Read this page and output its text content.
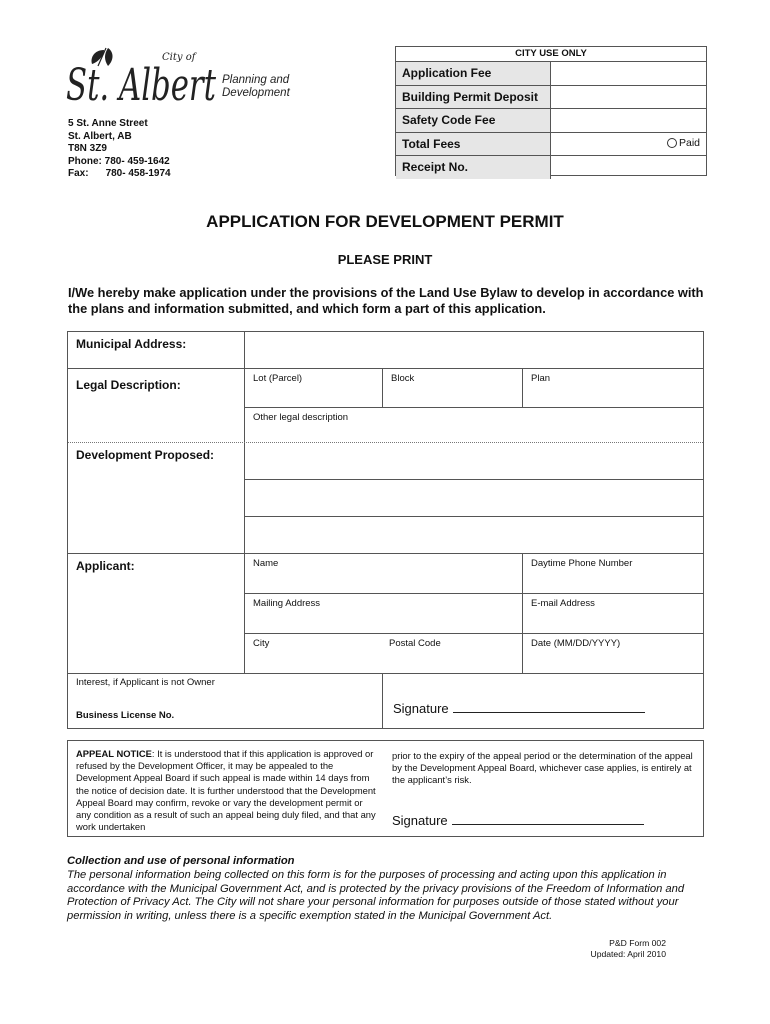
City of
St. Albert Planning and
Development
5 St. Anne Street
St. Albert, AB
T8N 3Z9
Phone: 780- 459-1642
Fax: 780- 458-1974
CITY USE ONLY
Application Fee
Building Permit Deposit
Safety Code Fee
Total Fees	Paid
Receipt No.
APPLICATION FOR DEVELOPMENT PERMIT
PLEASE PRINT
I/We hereby make application under the provisions of the Land Use Bylaw to develop in accordance with the plans and information submitted, and which form a part of this application.
Municipal Address:
Legal Description:	Lot (Parcel)	Block	Plan
Other legal description
Development Proposed:
Applicant:	Name	Daytime Phone Number
Mailing Address	E-mail Address
City	Postal Code	Date (MM/DD/YYYY)
Interest, if Applicant is not Owner
Business License No.	Signature
APPEAL NOTICE: It is understood that if this application is approved or refused by the Development Officer, it may be appealed to the Development Appeal Board if such appeal is made within 14 days from the notice of decision date. It is further understood that the Development Appeal Board may confirm, revoke or vary the development permit or any condition as a result of such an appeal being duly filed, and that any work undertaken
prior to the expiry of the appeal period or the determination of the appeal by the Development Appeal Board, whichever case applies, is entirely at the applicant’s risk.
Signature
Collection and use of personal information
The personal information being collected on this form is for the purposes of processing and acting upon this application in accordance with the Municipal Government Act, and is protected by the privacy provisions of the Freedom of Information and Protection of Privacy Act. The City will not share your personal information for purposes outside of those stated without your permission in writing, unless there is a specific exemption stated in the Municipal Government Act.
P&D Form 002
Updated: April 2010
